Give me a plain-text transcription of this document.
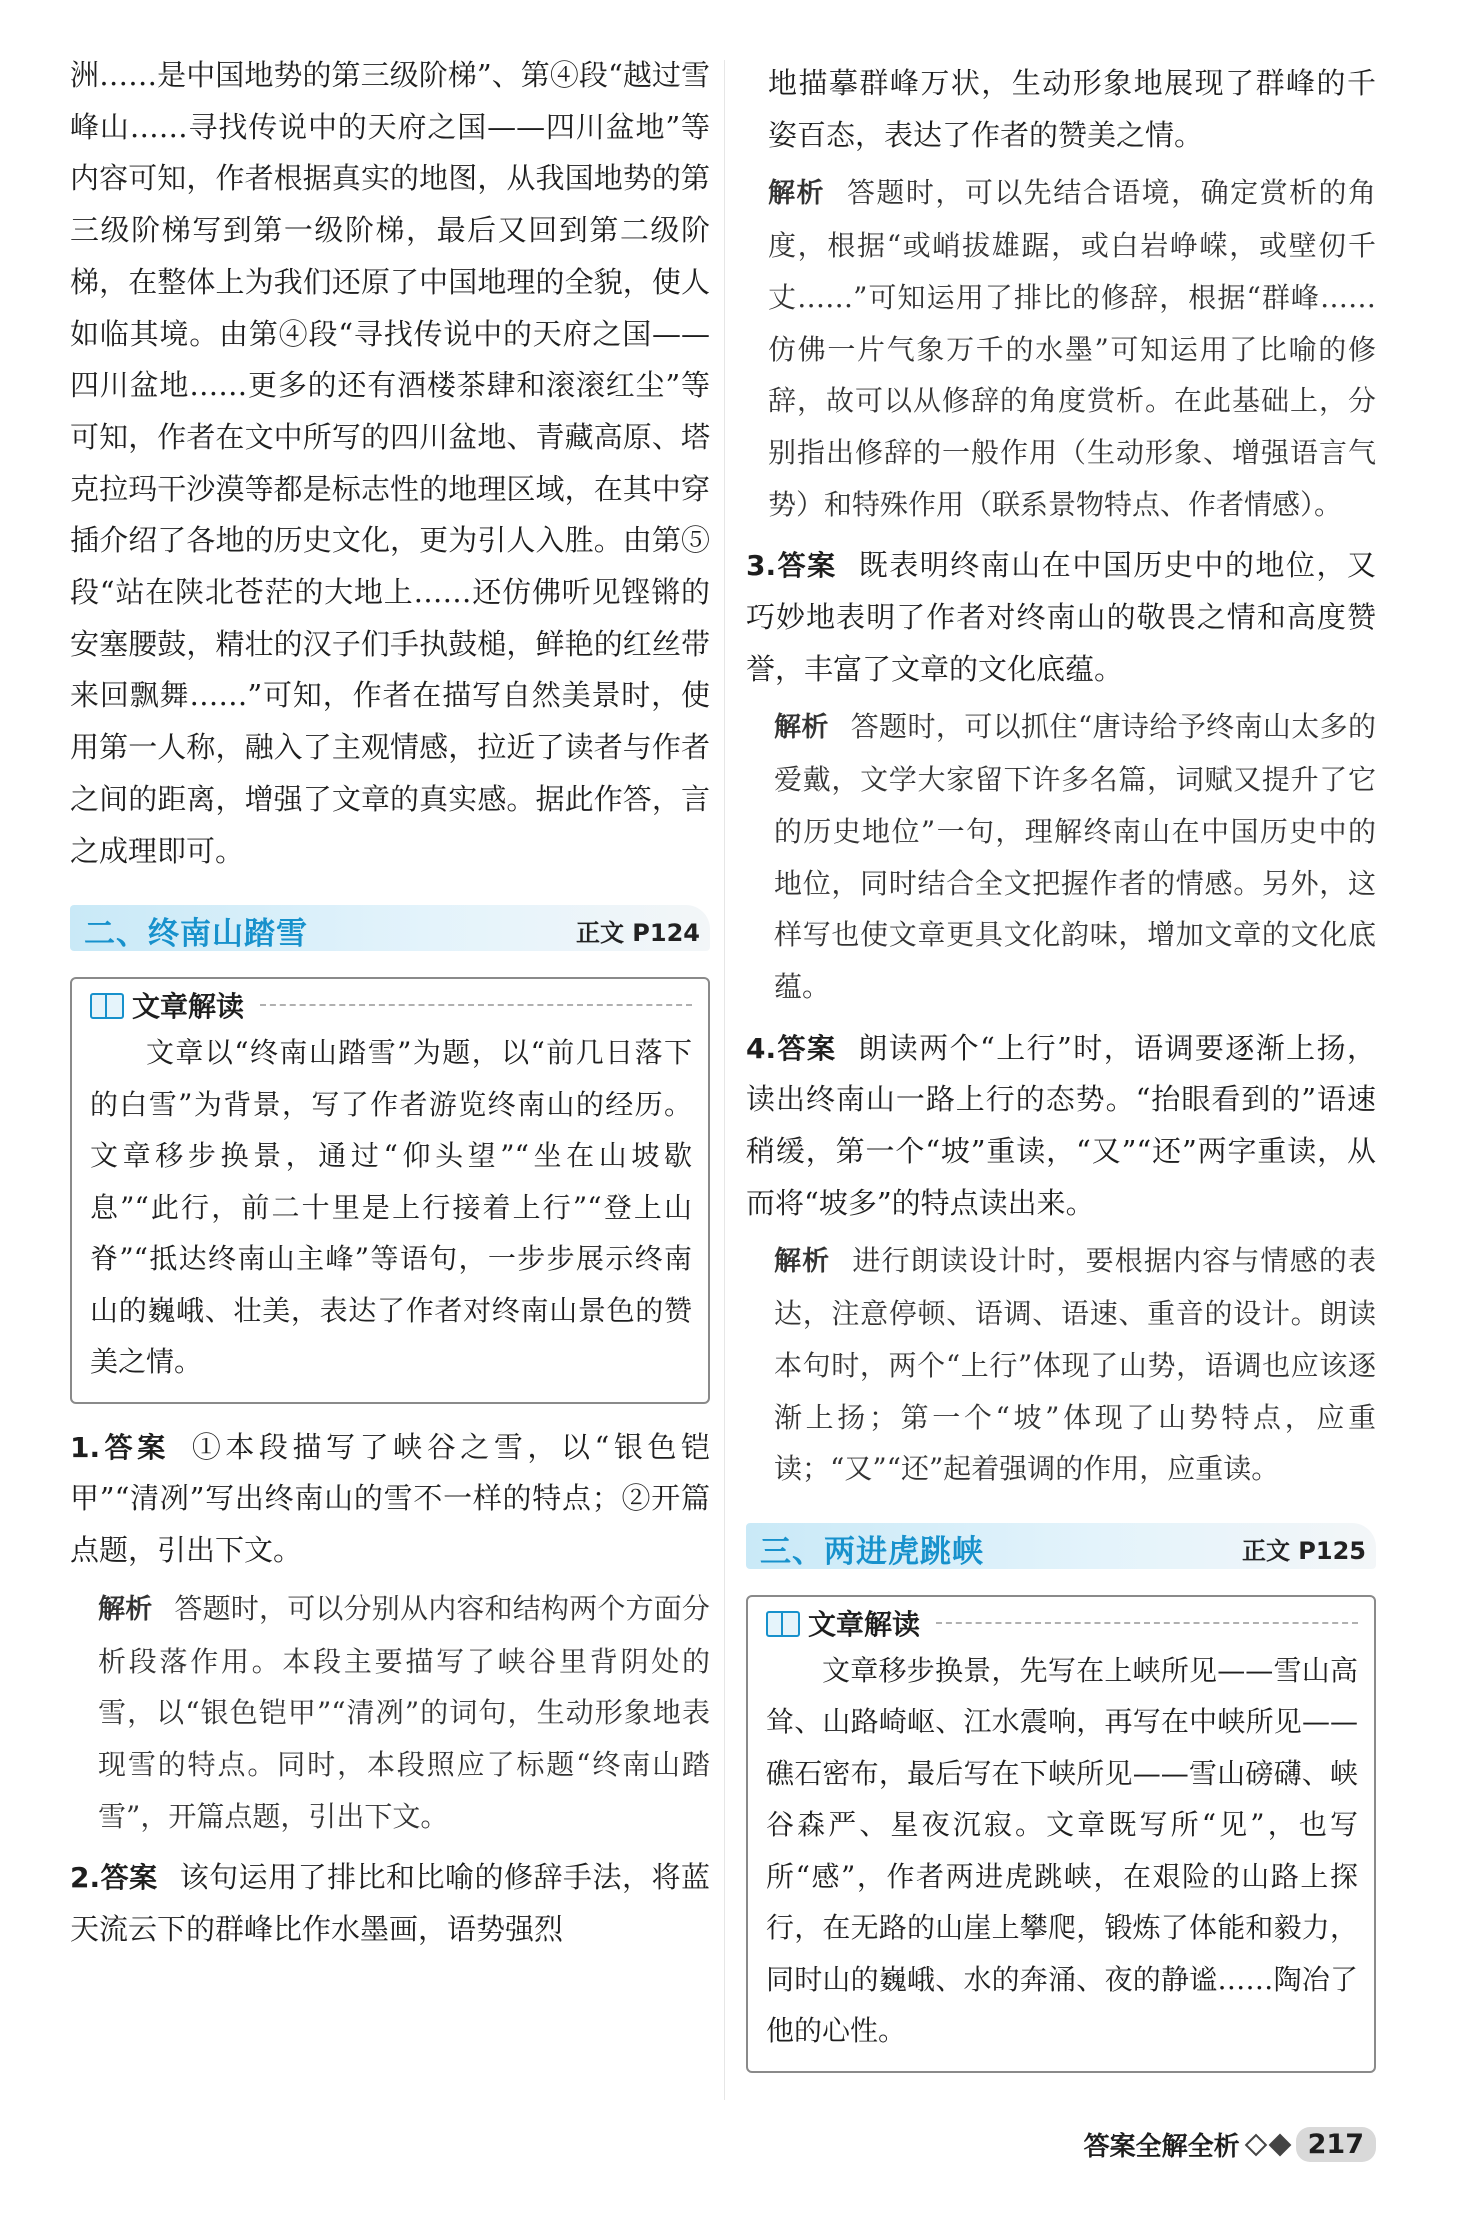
洲……是中国地势的第三级阶梯”、第④段“越过雪峰山……寻找传说中的天府之国——四川盆地”等内容可知，作者根据真实的地图，从我国地势的第三级阶梯写到第一级阶梯，最后又回到第二级阶梯，在整体上为我们还原了中国地理的全貌，使人如临其境。由第④段“寻找传说中的天府之国——四川盆地……更多的还有酒楼茶肆和滚滚红尘”等可知，作者在文中所写的四川盆地、青藏高原、塔克拉玛干沙漠等都是标志性的地理区域，在其中穿插介绍了各地的历史文化，更为引人入胜。由第⑤段“站在陕北苍茫的大地上……还仿佛听见铿锵的安塞腰鼓，精壮的汉子们手执鼓槌，鲜艳的红丝带来回飘舞……”可知，作者在描写自然美景时，使用第一人称，融入了主观情感，拉近了读者与作者之间的距离，增强了文章的真实感。据此作答，言之成理即可。

二、终南山踏雪	正文 P124
文章解读

文章以“终南山踏雪”为题，以“前几日落下的白雪”为背景，写了作者游览终南山的经历。文章移步换景，通过“仰头望”“坐在山坡歇息”“此行，前二十里是上行接着上行”“登上山脊”“抵达终南山主峰”等语句，一步步展示终南山的巍峨、壮美，表达了作者对终南山景色的赞美之情。

1.答案 ①本段描写了峡谷之雪，以“银色铠甲”“清冽”写出终南山的雪不一样的特点；②开篇点题，引出下文。
解析 答题时，可以分别从内容和结构两个方面分析段落作用。本段主要描写了峡谷里背阴处的雪，以“银色铠甲”“清冽”的词句，生动形象地表现雪的特点。同时，本段照应了标题“终南山踏雪”，开篇点题，引出下文。
2.答案 该句运用了排比和比喻的修辞手法，将蓝天流云下的群峰比作水墨画，语势强烈

地描摹群峰万状，生动形象地展现了群峰的千姿百态，表达了作者的赞美之情。

解析 答题时，可以先结合语境，确定赏析的角度，根据“或峭拔雄踞，或白岩峥嵘，或壁仞千丈……”可知运用了排比的修辞，根据“群峰……仿佛一片气象万千的水墨”可知运用了比喻的修辞，故可以从修辞的角度赏析。在此基础上，分别指出修辞的一般作用（生动形象、增强语言气势）和特殊作用（联系景物特点、作者情感）。
3.答案 既表明终南山在中国历史中的地位，又巧妙地表明了作者对终南山的敬畏之情和高度赞誉，丰富了文章的文化底蕴。
解析 答题时，可以抓住“唐诗给予终南山太多的爱戴，文学大家留下许多名篇，词赋又提升了它的历史地位”一句，理解终南山在中国历史中的地位，同时结合全文把握作者的情感。另外，这样写也使文章更具文化韵味，增加文章的文化底蕴。
4.答案 朗读两个“上行”时，语调要逐渐上扬，读出终南山一路上行的态势。“抬眼看到的”语速稍缓，第一个“坡”重读，“又”“还”两字重读，从而将“坡多”的特点读出来。
解析 进行朗读设计时，要根据内容与情感的表达，注意停顿、语调、语速、重音的设计。朗读本句时，两个“上行”体现了山势，语调也应该逐渐上扬；第一个“坡”体现了山势特点，应重读；“又”“还”起着强调的作用，应重读。
三、两进虎跳峡	正文 P125
文章解读

文章移步换景，先写在上峡所见——雪山高耸、山路崎岖、江水震响，再写在中峡所见——礁石密布，最后写在下峡所见——雪山磅礴、峡谷森严、星夜沉寂。文章既写所“见”，也写所“感”，作者两进虎跳峡，在艰险的山路上探行，在无路的山崖上攀爬，锻炼了体能和毅力，同时山的巍峨、水的奔涌、夜的静谧……陶冶了他的心性。

答案全解全析	217
